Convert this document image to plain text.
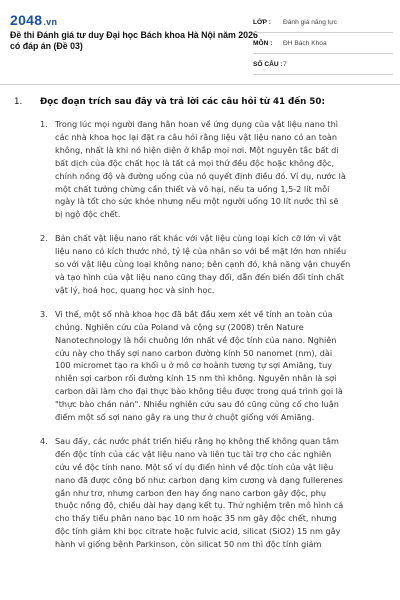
2048.vn
Đề thi Đánh giá tư duy Đại học Bách khoa Hà Nội năm 2026
có đáp án (Đề 03)
LỚP :	Đánh giá năng lực
MÔN :	ĐH Bách Khoa
SỐ CÂU : 7
1.	Đọc đoạn trích sau đây và trả lời các câu hỏi từ 41 đến 50:
1. Trong lúc mọi người đang hân hoan về ứng dụng của vật liệu nano thì
các nhà khoa học lại đặt ra câu hỏi rằng liệu vật liệu nano có an toàn
không, nhất là khi nó hiện diện ở khắp mọi nơi. Một nguyên tắc bất di
bất dịch của độc chất học là tất cả mọi thứ đều độc hoặc không độc,
chính nồng độ và đường uống của nó quyết định điều đó. Ví dụ, nước là
một chất tưởng chừng cần thiết và vô hại, nếu ta uống 1,5-2 lít mỗi
ngày là tốt cho sức khỏe nhưng nếu một người uống 10 lít nước thì sẽ
bị ngộ độc chết.
2. Bản chất vật liệu nano rất khác với vật liệu cùng loại kích cỡ lớn vì vật
liệu nano có kích thước nhỏ, tỷ lệ của nhân so với bề mặt lớn hơn nhiều
so với vật liệu cùng loại không nano; bên cạnh đó, khả năng vận chuyển
và tạo hình của vật liệu nano cũng thay đổi, dẫn đến biến đổi tính chất
vật lý, hoá học, quang học và sinh học.
3. Vì thế, một số nhà khoa học đã bắt đầu xem xét về tính an toàn của
chúng. Nghiên cứu của Poland và cộng sự (2008) trên Nature
Nanotechnology là hồi chuông lớn nhất về độc tính của nano. Nghiên
cứu này cho thấy sợi nano carbon đường kính 50 nanomet (nm), dài
100 micromet tạo ra khối u ở mô cơ hoành tương tự sợi Amiăng, tuy
nhiên sợi carbon rối đường kính 15 nm thì không. Nguyên nhân là sợi
carbon dài làm cho đại thực bào không tiêu được trong quá trình gọi là
"thực bào chán nản". Nhiều nghiên cứu sau đó cũng củng cố cho luận
điểm một số sợi nano gây ra ung thư ở chuột giống với Amiăng.
4. Sau đấy, các nước phát triển hiểu rằng họ không thể không quan tâm
đến độc tính của các vật liệu nano và liên tục tài trợ cho các nghiên
cứu về độc tính nano. Một số ví dụ điển hình về độc tính của vật liệu
nano đã được công bố như: carbon dạng kim cương và dạng fullerenes
gần như trơ, nhưng carbon đen hay ống nano carbon gây độc, phụ
thuộc nồng độ, chiều dài hay dạng kết tụ. Thử nghiệm trên mô hình cá
cho thấy tiểu phân nano bạc 10 nm hoặc 35 nm gây độc chết, nhưng
độc tính giảm khi bọc citrate hoặc fulvic acid, silicat (SiO2) 15 nm gây
hành vi giống bệnh Parkinson, còn silicat 50 nm thì độc tính giảm
